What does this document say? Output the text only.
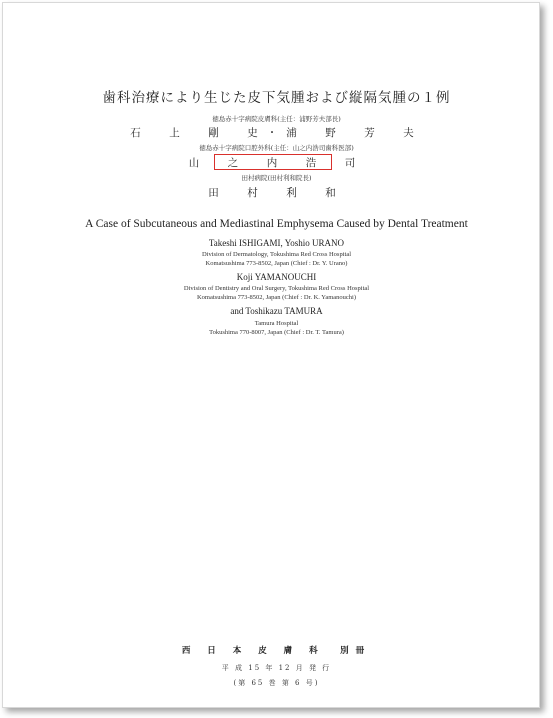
歯科治療により生じた皮下気腫および縦隔気腫の１例
徳島赤十字病院皮膚科(主任：浦野芳夫部長)
石　上　剛　史・浦　野　芳　夫
徳島赤十字病院口腔外科(主任：山之内浩司歯科医部)
山　之　内　浩　司
田村病院(田村利和院長)
田　村　利　和
A Case of Subcutaneous and Mediastinal Emphysema Caused by Dental Treatment
Takeshi ISHIGAMI, Yoshio URANO
Division of Dermatology, Tokushima Red Cross Hospital
Komatsushima 773-8502, Japan (Chief : Dr. Y. Urano)
Koji YAMANOUCHI
Division of Dentistry and Oral Surgery, Tokushima Red Cross Hospital
Komatsushima 773-8502, Japan (Chief : Dr. K. Yamanouchi)
and Toshikazu TAMURA
Tamura Hospital
Tokushima 770-8007, Japan (Chief : Dr. T. Tamura)
西 日 本 皮 膚 科　別冊
平 成 15 年 12 月 発 行
(第 65 巻 第 6 号)
